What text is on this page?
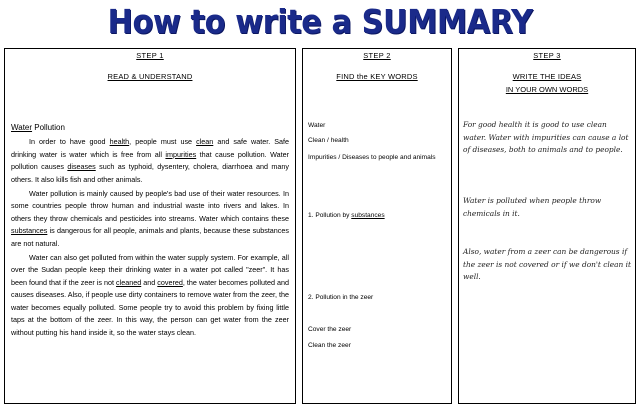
How to write a SUMMARY
STEP 1
READ & UNDERSTAND
Water Pollution
In order to have good health, people must use clean and safe water. Safe drinking water is water which is free from all impurities that cause pollution. Water pollution causes diseases such as typhoid, dysentery, cholera, diarrhoea and many others. It also kills fish and other animals.
Water pollution is mainly caused by people's bad use of their water resources. In some countries people throw human and industrial waste into rivers and lakes. In others they throw chemicals and pesticides into streams. Water which contains these substances is dangerous for all people, animals and plants, because these substances are not natural.
Water can also get polluted from within the water supply system. For example, all over the Sudan people keep their drinking water in a water pot called "zeer". It has been found that if the zeer is not cleaned and covered, the water becomes polluted and causes diseases. Also, if people use dirty containers to remove water from the zeer, the water becomes equally polluted. Some people try to avoid this problem by fixing little taps at the bottom of the zeer. In this way, the person can get water from the zeer without putting his hand inside it, so the water stays clean.
STEP 2
FIND the KEY WORDS
Water
Clean / health
Impurities / Diseases to people and animals
1. Pollution by substances
2. Pollution in the zeer
Cover the zeer
Clean the zeer
STEP 3
WRITE THE IDEAS
IN YOUR OWN WORDS
For good health it is good to use clean water. Water with impurities can cause a lot of diseases, both to animals and to people.
Water is polluted when people throw chemicals in it.
Also, water from a zeer can be dangerous if the zeer is not covered or if we don't clean it well.
